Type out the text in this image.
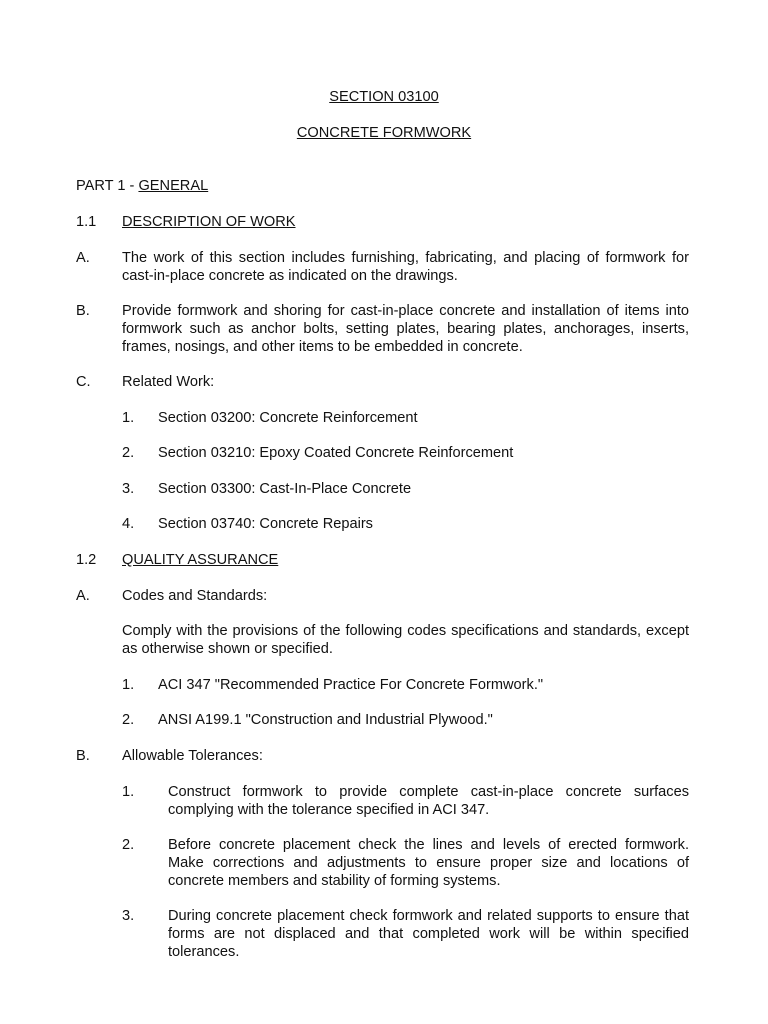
SECTION 03100
CONCRETE FORMWORK
PART 1 - GENERAL
1.1 DESCRIPTION OF WORK
A. The work of this section includes furnishing, fabricating, and placing of formwork for cast-in-place concrete as indicated on the drawings.
B. Provide formwork and shoring for cast-in-place concrete and installation of items into formwork such as anchor bolts, setting plates, bearing plates, anchorages, inserts, frames, nosings, and other items to be embedded in concrete.
C. Related Work:
1. Section 03200: Concrete Reinforcement
2. Section 03210: Epoxy Coated Concrete Reinforcement
3. Section 03300: Cast-In-Place Concrete
4. Section 03740: Concrete Repairs
1.2 QUALITY ASSURANCE
A. Codes and Standards:
Comply with the provisions of the following codes specifications and standards, except as otherwise shown or specified.
1. ACI 347 "Recommended Practice For Concrete Formwork."
2. ANSI A199.1 "Construction and Industrial Plywood."
B. Allowable Tolerances:
1. Construct formwork to provide complete cast-in-place concrete surfaces complying with the tolerance specified in ACI 347.
2. Before concrete placement check the lines and levels of erected formwork. Make corrections and adjustments to ensure proper size and locations of concrete members and stability of forming systems.
3. During concrete placement check formwork and related supports to ensure that forms are not displaced and that completed work will be within specified tolerances.
